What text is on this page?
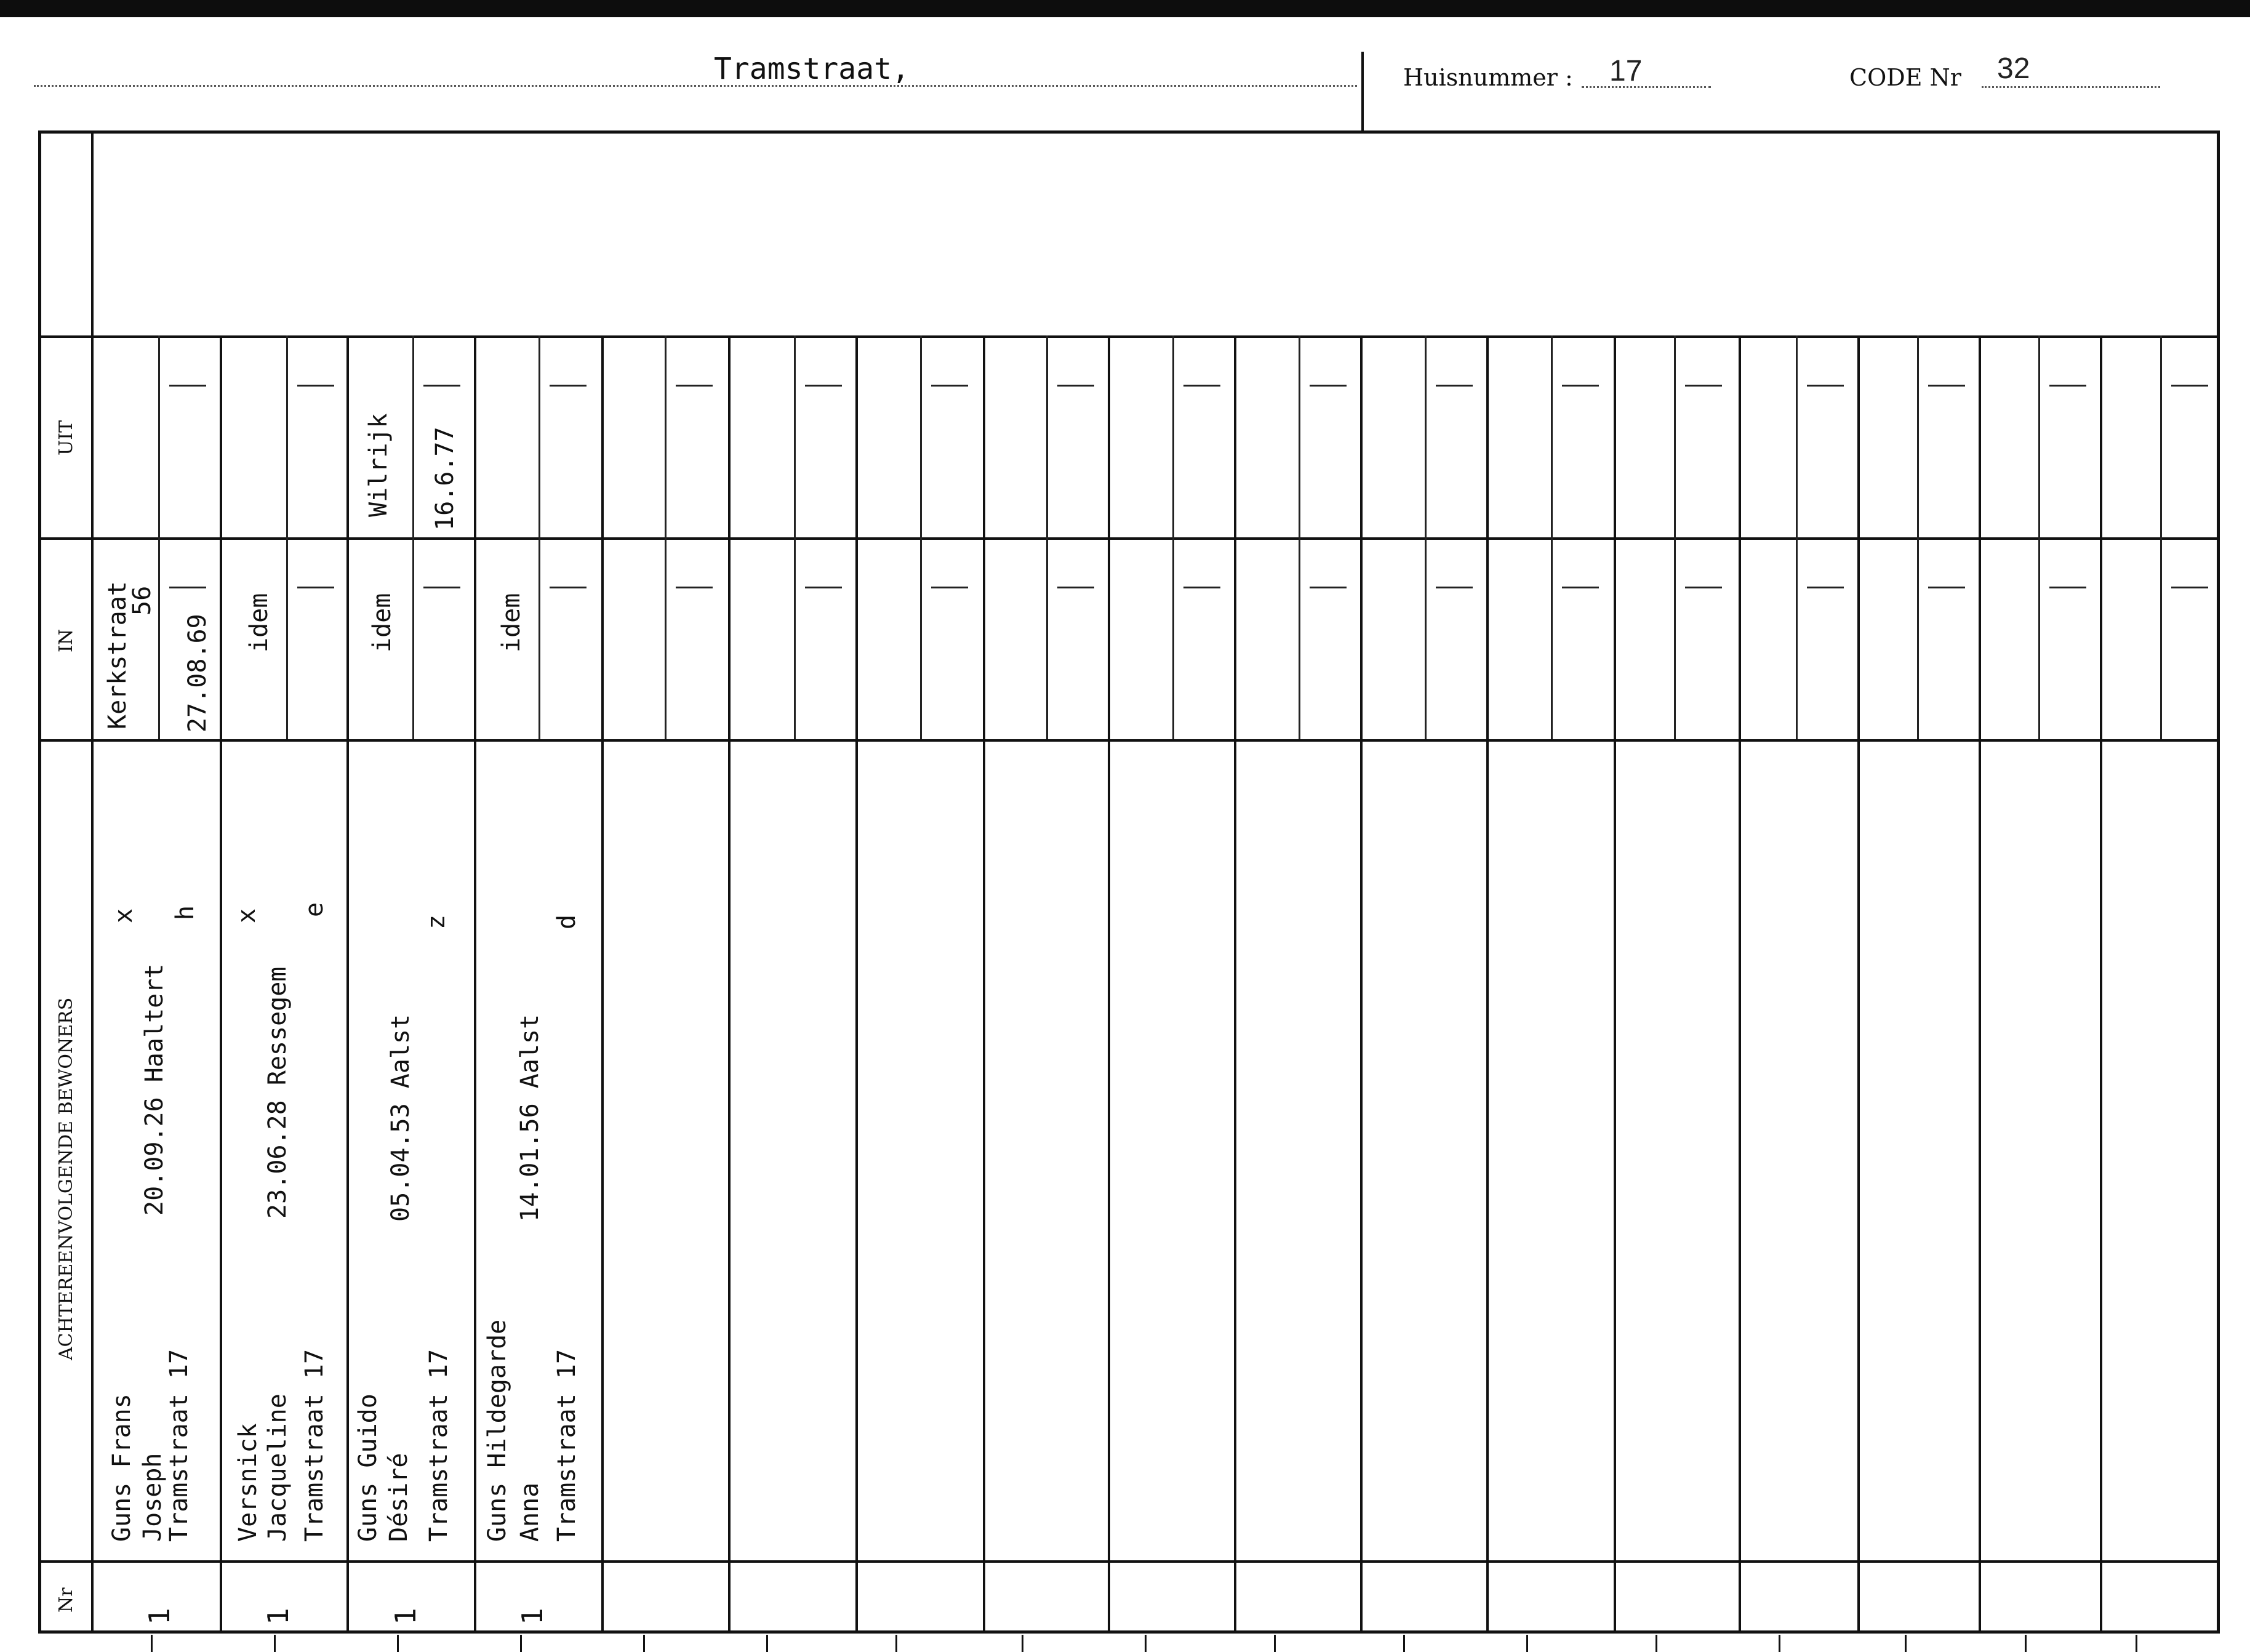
Tramstraat,	Huisnummer : 17	CODE Nr 32
UIT
IN
ACHTEREENVOLGENDE BEWONERS
Nr
Guns Frans Joseph
Tramstraat 17
20.09.26 Haaltert
x h
Kerkstraat
56
27.08.69
1
Versnick Jacqueline Tramstraat 17
23.06.28 Ressegem
x e
idem
1
Guns Guido Désiré Tramstraat 17
05.04.53 Aalst
z
idem
Wilrijk 16.6.77
1
Guns Hildegarde Anna Tramstraat 17
14.01.56 Aalst
d
idem
1
